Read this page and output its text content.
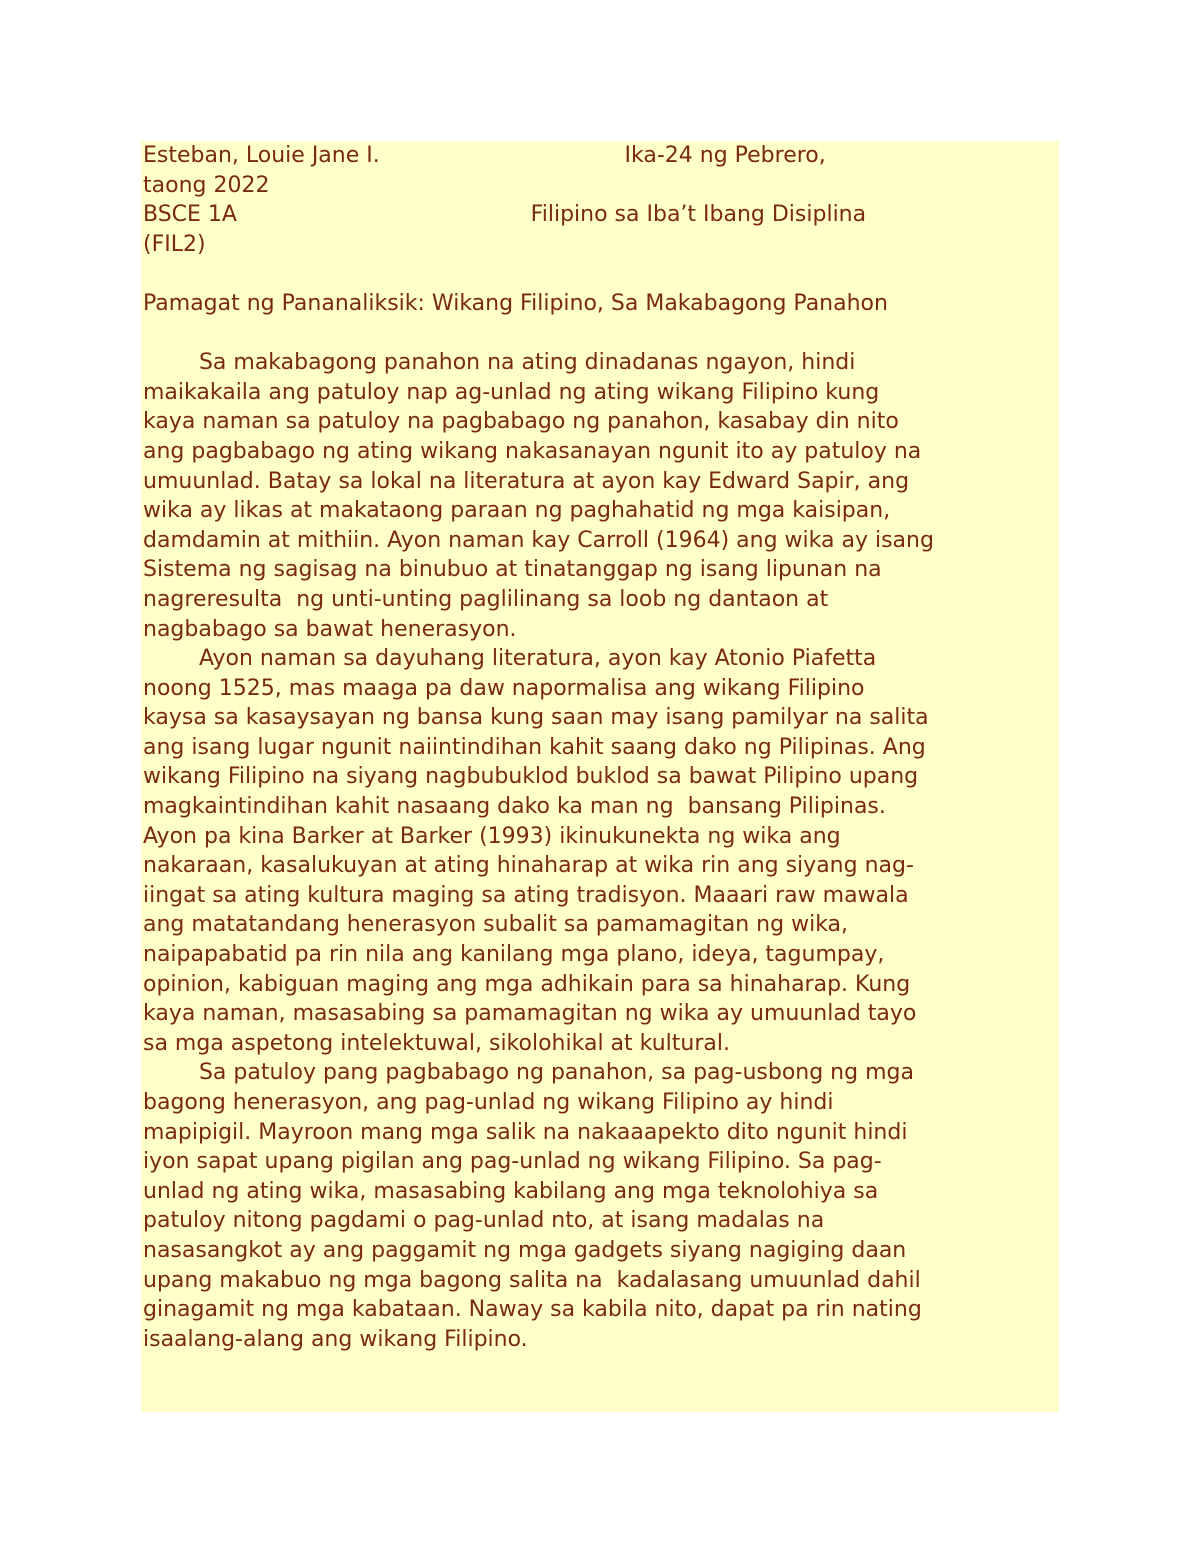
Esteban, Louie Jane I.                                   Ika-24 ng Pebrero,
taong 2022
BSCE 1A                                          Filipino sa Iba’t Ibang Disiplina
(FIL2)
Pamagat ng Pananaliksik: Wikang Filipino, Sa Makabagong Panahon
Sa makabagong panahon na ating dinadanas ngayon, hindi
maikakaila ang patuloy nap ag-unlad ng ating wikang Filipino kung
kaya naman sa patuloy na pagbabago ng panahon, kasabay din nito
ang pagbabago ng ating wikang nakasanayan ngunit ito ay patuloy na
umuunlad. Batay sa lokal na literatura at ayon kay Edward Sapir, ang
wika ay likas at makataong paraan ng paghahatid ng mga kaisipan,
damdamin at mithiin. Ayon naman kay Carroll (1964) ang wika ay isang
Sistema ng sagisag na binubuo at tinatanggap ng isang lipunan na
nagreresulta  ng unti-unting paglilinang sa loob ng dantaon at
nagbabago sa bawat henerasyon.
Ayon naman sa dayuhang literatura, ayon kay Atonio Piafetta
noong 1525, mas maaga pa daw napormalisa ang wikang Filipino
kaysa sa kasaysayan ng bansa kung saan may isang pamilyar na salita
ang isang lugar ngunit naiintindihan kahit saang dako ng Pilipinas. Ang
wikang Filipino na siyang nagbubuklod buklod sa bawat Pilipino upang
magkaintindihan kahit nasaang dako ka man ng  bansang Pilipinas.
Ayon pa kina Barker at Barker (1993) ikinukunekta ng wika ang
nakaraan, kasalukuyan at ating hinaharap at wika rin ang siyang nag-
iingat sa ating kultura maging sa ating tradisyon. Maaari raw mawala
ang matatandang henerasyon subalit sa pamamagitan ng wika,
naipapabatid pa rin nila ang kanilang mga plano, ideya, tagumpay,
opinion, kabiguan maging ang mga adhikain para sa hinaharap. Kung
kaya naman, masasabing sa pamamagitan ng wika ay umuunlad tayo
sa mga aspetong intelektuwal, sikolohikal at kultural.
Sa patuloy pang pagbabago ng panahon, sa pag-usbong ng mga
bagong henerasyon, ang pag-unlad ng wikang Filipino ay hindi
mapipigil. Mayroon mang mga salik na nakaaapekto dito ngunit hindi
iyon sapat upang pigilan ang pag-unlad ng wikang Filipino. Sa pag-
unlad ng ating wika, masasabing kabilang ang mga teknolohiya sa
patuloy nitong pagdami o pag-unlad nto, at isang madalas na
nasasangkot ay ang paggamit ng mga gadgets siyang nagiging daan
upang makabuo ng mga bagong salita na  kadalasang umuunlad dahil
ginagamit ng mga kabataan. Naway sa kabila nito, dapat pa rin nating
isaalang-alang ang wikang Filipino.
